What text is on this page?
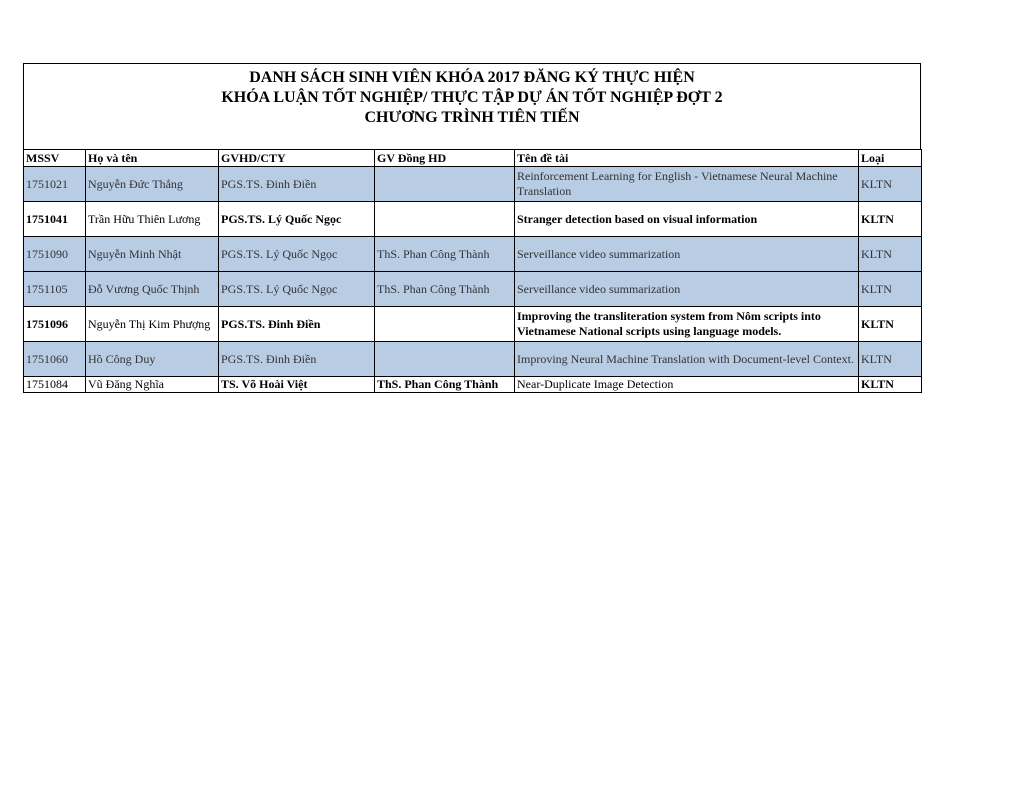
DANH SÁCH SINH VIÊN KHÓA 2017 ĐĂNG KÝ THỰC HIỆN
KHÓA LUẬN TỐT NGHIỆP/ THỰC TẬP DỰ ÁN TỐT NGHIỆP ĐỢT 2
CHƯƠNG TRÌNH TIÊN TIẾN
MSSV	Họ và tên	GVHD/CTY	GV Đồng HD	Tên đề tài	Loại
1751021	Nguyễn Đức Thắng	PGS.TS. Đinh Điền		Reinforcement Learning for English - Vietnamese Neural Machine Translation	KLTN
1751041	Trần Hữu Thiên Lương	PGS.TS. Lý Quốc Ngọc		Stranger detection based on visual information	KLTN
1751090	Nguyễn Minh Nhật	PGS.TS. Lý Quốc Ngọc	ThS. Phan Công Thành	Serveillance video summarization	KLTN
1751105	Đỗ Vương Quốc Thịnh	PGS.TS. Lý Quốc Ngọc	ThS. Phan Công Thành	Serveillance video summarization	KLTN
1751096	Nguyễn Thị Kim Phượng	PGS.TS. Đinh Điền		Improving the transliteration system from Nôm scripts into Vietnamese National scripts using language models.	KLTN
1751060	Hồ Công Duy	PGS.TS. Đinh Điền		Improving Neural Machine Translation with Document-level Context.	KLTN
1751084	Vũ Đăng Nghĩa	TS. Võ Hoài Việt	ThS. Phan Công Thành	Near-Duplicate Image Detection	KLTN
